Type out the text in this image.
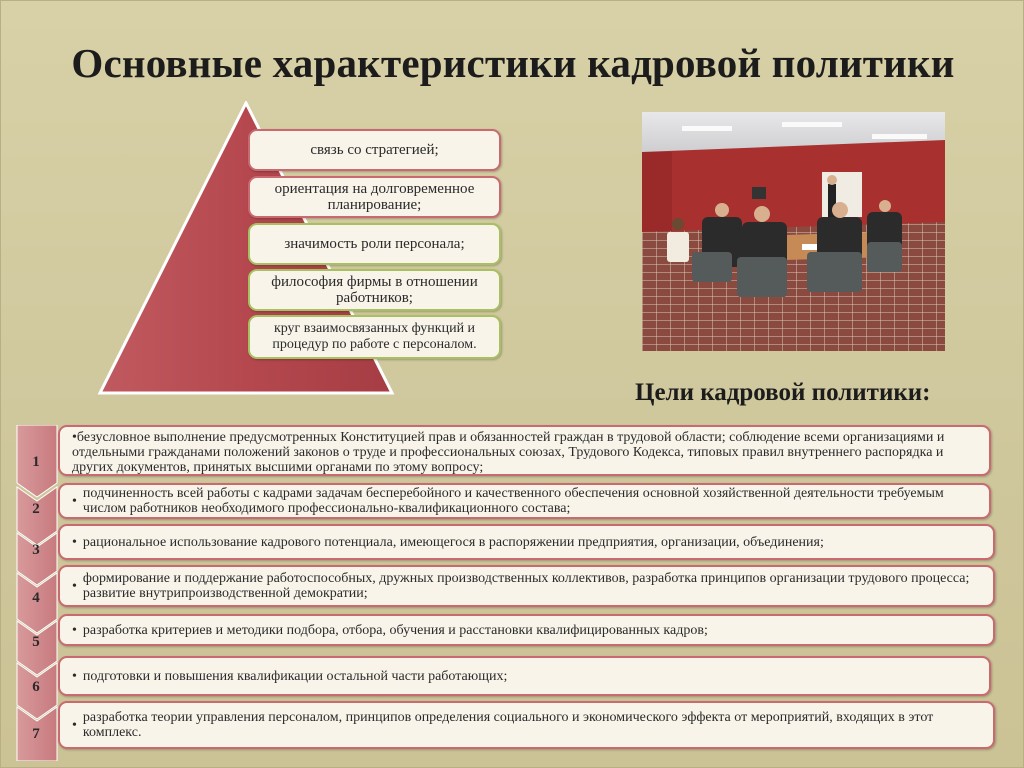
Основные характеристики кадровой политики
связь со стратегией;
ориентация на долговременное планирование;
значимость роли персонала;
философия фирмы в отношении работников;
круг взаимосвязанных функций и процедур по работе с персоналом.
Цели кадровой политики:
1
2
3
4
5
6
7
•безусловное выполнение предусмотренных Конституцией прав и обязанностей граждан в трудовой области; соблюдение всеми организациями и отдельными гражданами положений законов о труде и профессиональных союзах, Трудового Кодекса, типовых правил внутреннего распорядка и других документов, принятых высшими органами по этому вопросу;
• подчиненность всей работы с кадрами задачам бесперебойного и качественного обеспечения основной хозяйственной деятельности требуемым числом работников необходимого профессионально-квалификационного состава;
• рациональное использование кадрового потенциала, имеющегося в распоряжении предприятия, организации, объединения;
• формирование и поддержание работоспособных, дружных производственных коллективов, разработка принципов организации трудового процесса; развитие внутрипроизводственной демократии;
• разработка критериев и методики подбора, отбора, обучения и расстановки квалифицированных кадров;
• подготовки и повышения квалификации остальной части работающих;
• разработка теории управления персоналом, принципов определения социального и экономического эффекта от мероприятий, входящих в этот комплекс.
